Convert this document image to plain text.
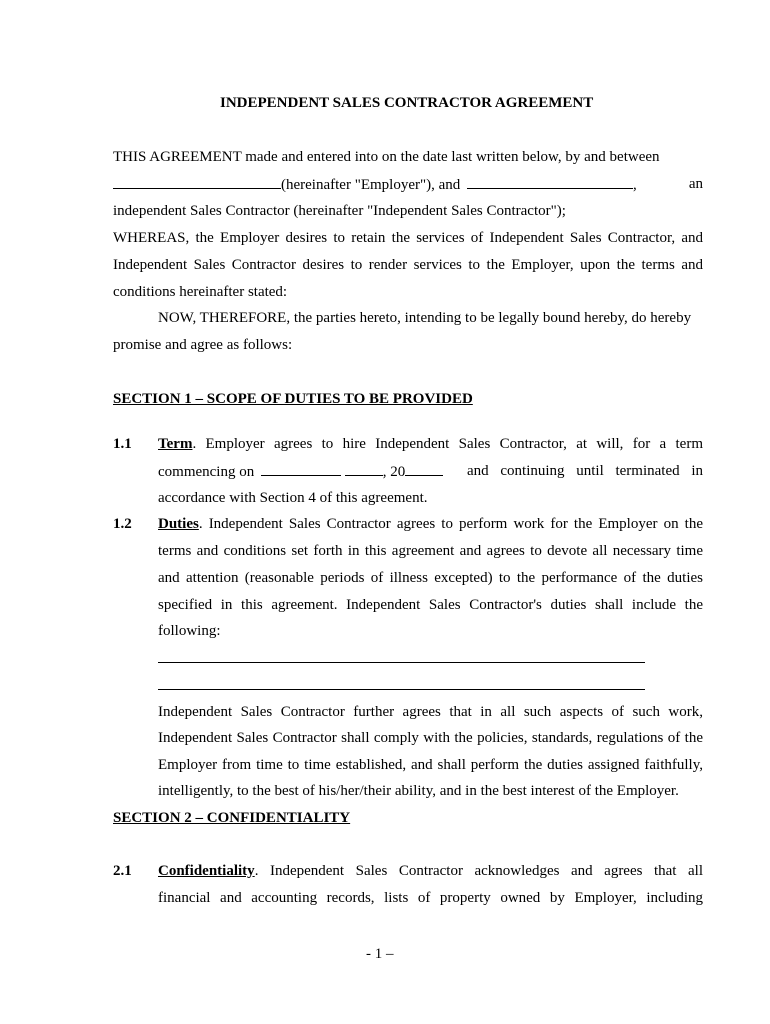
INDEPENDENT SALES CONTRACTOR AGREEMENT
THIS AGREEMENT made and entered into on the date last written below, by and between
(hereinafter "Employer"), and	,	an
independent Sales Contractor (hereinafter "Independent Sales Contractor");
WHEREAS, the Employer desires to retain the services of Independent Sales Contractor, and
Independent Sales Contractor desires to render services to the Employer, upon the terms and
conditions hereinafter stated:
NOW, THEREFORE, the parties hereto, intending to be legally bound hereby, do hereby
promise and agree as follows:
SECTION 1 – SCOPE OF DUTIES TO BE PROVIDED
1.1 Term. Employer agrees to hire Independent Sales Contractor, at will, for a term
commencing on	, 20	and continuing until terminated in
accordance with Section 4 of this agreement.
1.2 Duties. Independent Sales Contractor agrees to perform work for the Employer on the
terms and conditions set forth in this agreement and agrees to devote all necessary time
and attention (reasonable periods of illness excepted) to the performance of the duties
specified in this agreement. Independent Sales Contractor's duties shall include the
following:
Independent Sales Contractor further agrees that in all such aspects of such work,
Independent Sales Contractor shall comply with the policies, standards, regulations of the
Employer from time to time established, and shall perform the duties assigned faithfully,
intelligently, to the best of his/her/their ability, and in the best interest of the Employer.
SECTION 2 – CONFIDENTIALITY
2.1 Confidentiality. Independent Sales Contractor acknowledges and agrees that all
financial and accounting records, lists of property owned by Employer, including
- 1 –
